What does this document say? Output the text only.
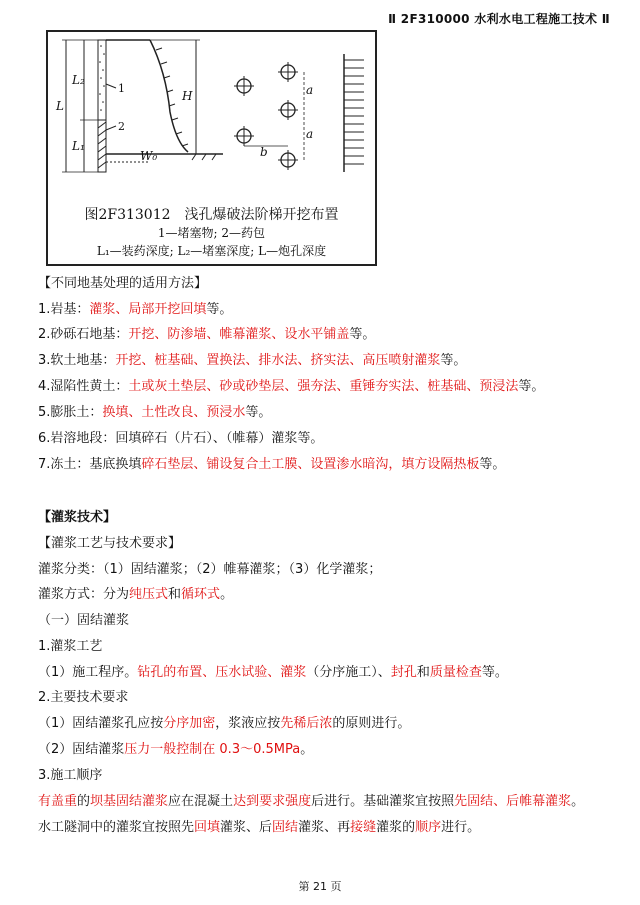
Ⅱ 2F310000 水利水电工程施工技术 Ⅱ
L
L₂
L₁
H
W₀
a
a
b
1
2
图2F313012　浅孔爆破法阶梯开挖布置
1—堵塞物; 2—药包
L₁—装药深度; L₂—堵塞深度; L—炮孔深度
【不同地基处理的适用方法】
1.岩基：灌浆、局部开挖回填等。
2.砂砾石地基：开挖、防渗墙、帷幕灌浆、设水平铺盖等。
3.软土地基：开挖、桩基础、置换法、排水法、挤实法、高压喷射灌浆等。
4.湿陷性黄土：土或灰土垫层、砂或砂垫层、强夯法、重锤夯实法、桩基础、预浸法等。
5.膨胀土：换填、土性改良、预浸水等。
6.岩溶地段：回填碎石（片石）、（帷幕）灌浆等。
7.冻土：基底换填碎石垫层、铺设复合土工膜、设置渗水暗沟，填方设隔热板等。
【灌浆技术】
【灌浆工艺与技术要求】
灌浆分类：（1）固结灌浆；（2）帷幕灌浆；（3）化学灌浆；
灌浆方式：分为纯压式和循环式。
（一）固结灌浆
1.灌浆工艺
（1）施工程序。钻孔的布置、压水试验、灌浆（分序施工）、封孔和质量检查等。
2.主要技术要求
（1）固结灌浆孔应按分序加密，浆液应按先稀后浓的原则进行。
（2）固结灌浆压力一般控制在 0.3～0.5MPa。
3.施工顺序
有盖重的坝基固结灌浆应在混凝土达到要求强度后进行。基础灌浆宜按照先固结、后帷幕灌浆。
水工隧洞中的灌浆宜按照先回填灌浆、后固结灌浆、再接缝灌浆的顺序进行。
第 21 页
